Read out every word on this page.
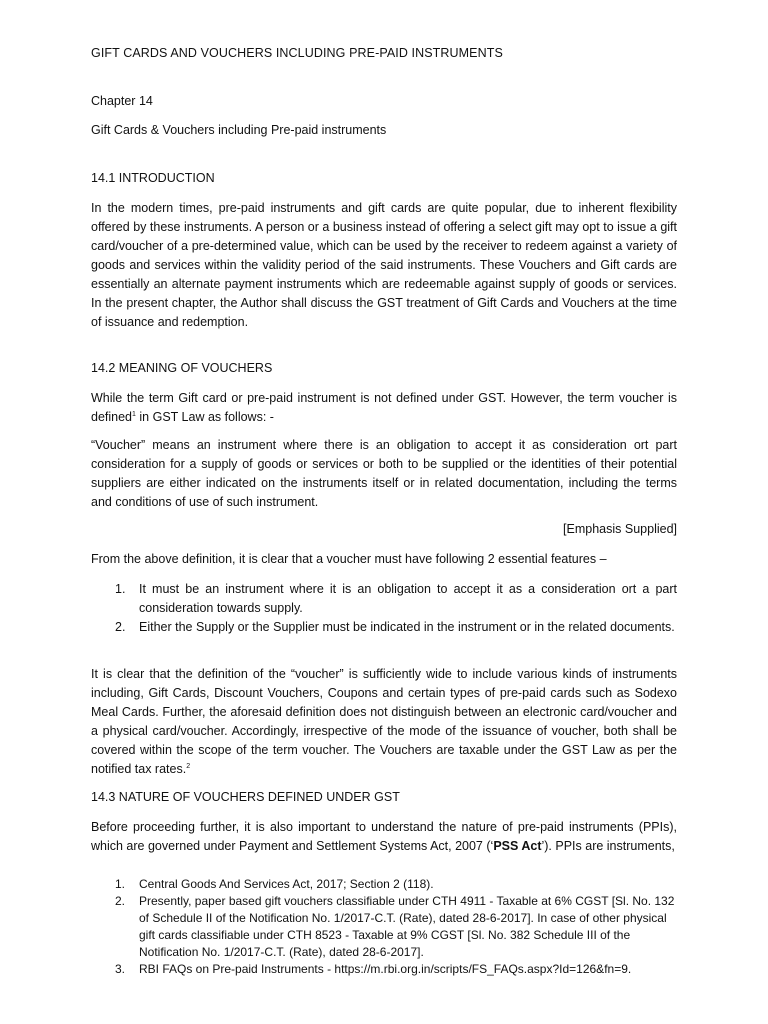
GIFT CARDS AND VOUCHERS INCLUDING PRE-PAID INSTRUMENTS
Chapter 14
Gift Cards & Vouchers including Pre-paid instruments
14.1 INTRODUCTION
In the modern times, pre-paid instruments and gift cards are quite popular, due to inherent flexibility offered by these instruments. A person or a business instead of offering a select gift may opt to issue a gift card/voucher of a pre-determined value, which can be used by the receiver to redeem against a variety of goods and services within the validity period of the said instruments. These Vouchers and Gift cards are essentially an alternate payment instruments which are redeemable against supply of goods or services. In the present chapter, the Author shall discuss the GST treatment of Gift Cards and Vouchers at the time of issuance and redemption.
14.2 MEANING OF VOUCHERS
While the term Gift card or pre-paid instrument is not defined under GST. However, the term voucher is defined$^1$ in GST Law as follows: -
“Voucher” means an instrument where there is an obligation to accept it as consideration ort part consideration for a supply of goods or services or both to be supplied or the identities of their potential suppliers are either indicated on the instruments itself or in related documentation, including the terms and conditions of use of such instrument.
[Emphasis Supplied]
From the above definition, it is clear that a voucher must have following 2 essential features –
1. It must be an instrument where it is an obligation to accept it as a consideration ort a part consideration towards supply.
2. Either the Supply or the Supplier must be indicated in the instrument or in the related documents.
It is clear that the definition of the “voucher” is sufficiently wide to include various kinds of instruments including, Gift Cards, Discount Vouchers, Coupons and certain types of pre-paid cards such as Sodexo Meal Cards. Further, the aforesaid definition does not distinguish between an electronic card/voucher and a physical card/voucher. Accordingly, irrespective of the mode of the issuance of voucher, both shall be covered within the scope of the term voucher. The Vouchers are taxable under the GST Law as per the notified tax rates.$^2$
14.3 NATURE OF VOUCHERS DEFINED UNDER GST
Before proceeding further, it is also important to understand the nature of pre-paid instruments (PPIs), which are governed under Payment and Settlement Systems Act, 2007 (‘PSS Act’). PPIs are instruments,
1. Central Goods And Services Act, 2017; Section 2 (118).
2. Presently, paper based gift vouchers classifiable under CTH 4911 - Taxable at 6% CGST [Sl. No. 132 of Schedule II of the Notification No. 1/2017-C.T. (Rate), dated 28-6-2017]. In case of other physical gift cards classifiable under CTH 8523 - Taxable at 9% CGST [Sl. No. 382 Schedule III of the Notification No. 1/2017-C.T. (Rate), dated 28-6-2017].
3. RBI FAQs on Pre-paid Instruments - https://m.rbi.org.in/scripts/FS_FAQs.aspx?Id=126&fn=9.
